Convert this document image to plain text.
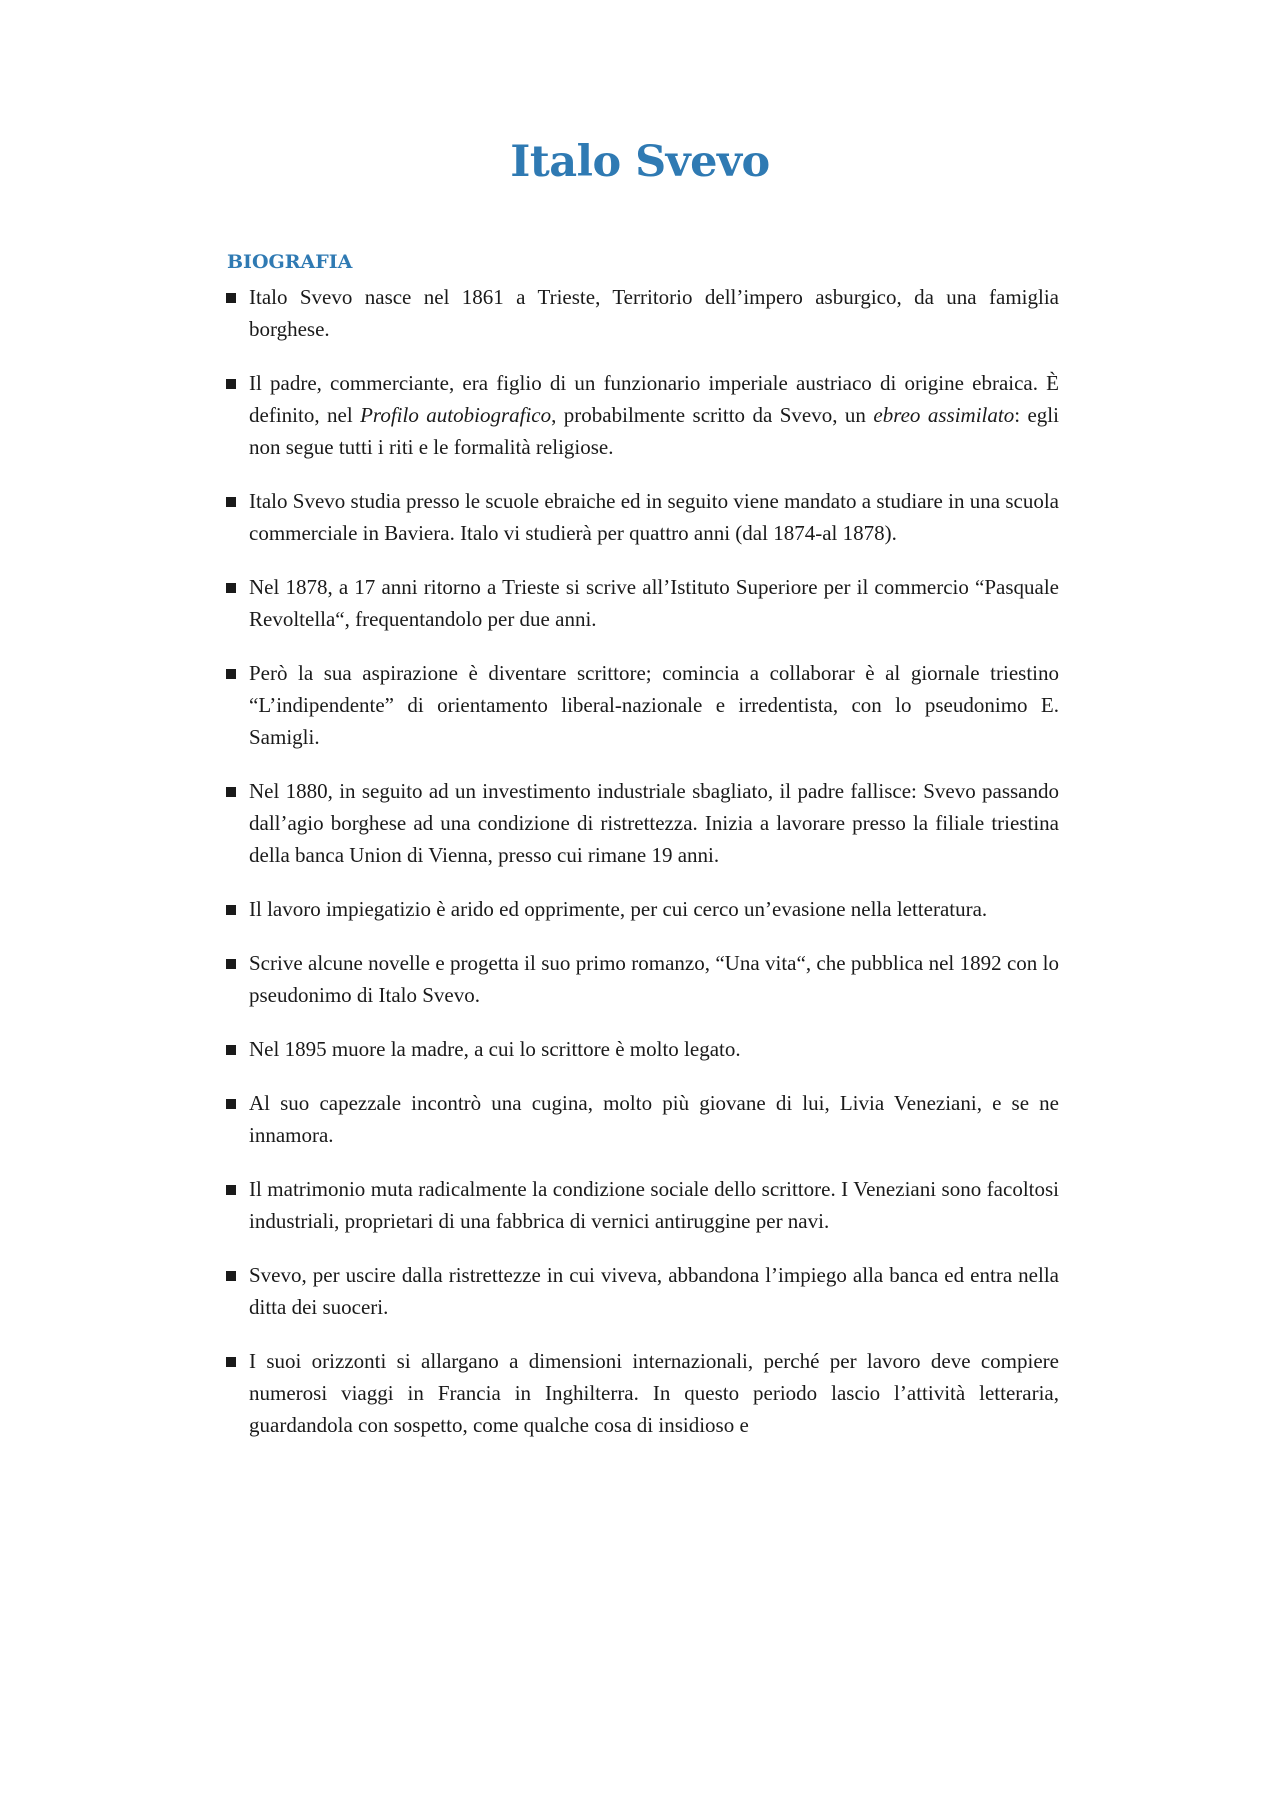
Italo Svevo
BIOGRAFIA
Italo Svevo nasce nel 1861 a Trieste, Territorio dell’impero asburgico, da una famiglia borghese.
Il padre, commerciante, era figlio di un funzionario imperiale austriaco di origine ebraica. È definito, nel Profilo autobiografico, probabilmente scritto da Svevo, un ebreo assimilato: egli non segue tutti i riti e le formalità religiose.
Italo Svevo studia presso le scuole ebraiche ed in seguito viene mandato a studiare in una scuola commerciale in Baviera. Italo vi studierà per quattro anni (dal 1874-al 1878).
Nel 1878, a 17 anni ritorno a Trieste si scrive all’Istituto Superiore per il commercio “Pasquale Revoltella“, frequentandolo per due anni.
Però la sua aspirazione è diventare scrittore; comincia a collaborar è al giornale triestino “L’indipendente” di orientamento liberal-nazionale e irredentista, con lo pseudonimo E. Samigli.
Nel 1880, in seguito ad un investimento industriale sbagliato, il padre fallisce: Svevo passando dall’agio borghese ad una condizione di ristrettezza. Inizia a lavorare presso la filiale triestina della banca Union di Vienna, presso cui rimane 19 anni.
Il lavoro impiegatizio è arido ed opprimente, per cui cerco un’evasione nella letteratura.
Scrive alcune novelle e progetta il suo primo romanzo, “Una vita“, che pubblica nel 1892 con lo pseudonimo di Italo Svevo.
Nel 1895 muore la madre, a cui lo scrittore è molto legato.
Al suo capezzale incontrò una cugina, molto più giovane di lui, Livia Veneziani, e se ne innamora.
Il matrimonio muta radicalmente la condizione sociale dello scrittore. I Veneziani sono facoltosi industriali, proprietari di una fabbrica di vernici antiruggine per navi.
Svevo, per uscire dalla ristrettezze in cui viveva, abbandona l’impiego alla banca ed entra nella ditta dei suoceri.
I suoi orizzonti si allargano a dimensioni internazionali, perché per lavoro deve compiere numerosi viaggi in Francia in Inghilterra. In questo periodo lascio l’attività letteraria, guardandola con sospetto, come qualche cosa di insidioso e
